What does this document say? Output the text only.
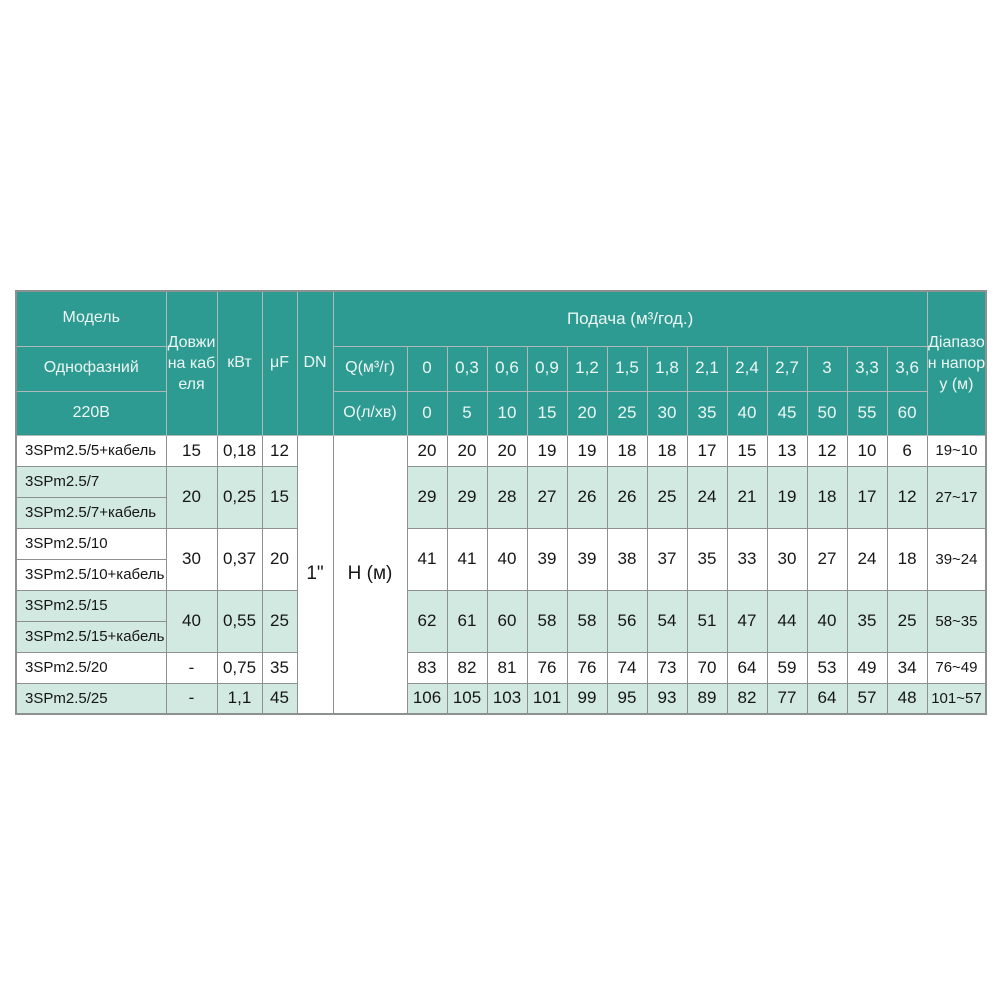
Модель	Довжина кабеля	кВт	μF	DN	Подача (м³/год.)														Діапазон напору (м)
Однофазний					Q(м³/г)	0	0,3	0,6	0,9	1,2	1,5	1,8	2,1	2,4	2,7	3	3,3	3,6	
220В					О(л/хв)	0	5	10	15	20	25	30	35	40	45	50	55	60	
3SPm2.5/5+кабель	15	0,18	12	1"	Н (м)	20	20	20	19	19	18	18	17	15	13	12	10	6	19~10
3SPm2.5/7	20	0,25	15			29	29	28	27	26	26	25	24	21	19	18	17	12	27~17
3SPm2.5/7+кабель																			
3SPm2.5/10	30	0,37	20			41	41	40	39	39	38	37	35	33	30	27	24	18	39~24
3SPm2.5/10+кабель																			
3SPm2.5/15	40	0,55	25			62	61	60	58	58	56	54	51	47	44	40	35	25	58~35
3SPm2.5/15+кабель																			
3SPm2.5/20	-	0,75	35			83	82	81	76	76	74	73	70	64	59	53	49	34	76~49
3SPm2.5/25	-	1,1	45			106	105	103	101	99	95	93	89	82	77	64	57	48	101~57
